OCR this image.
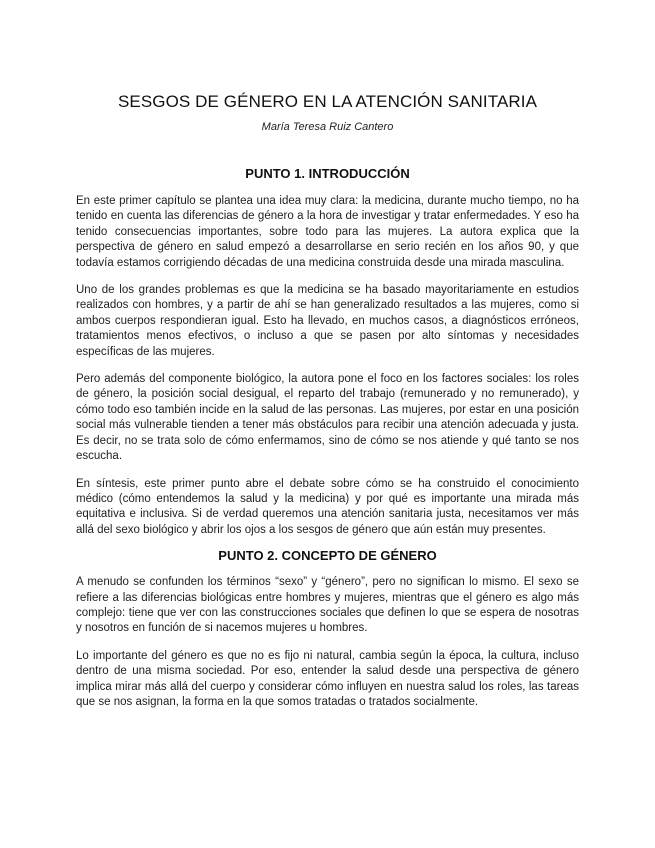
SESGOS DE GÉNERO EN LA ATENCIÓN SANITARIA
María Teresa Ruiz Cantero
PUNTO 1. INTRODUCCIÓN

En este primer capítulo se plantea una idea muy clara: la medicina, durante mucho tiempo, no ha tenido en cuenta las diferencias de género a la hora de investigar y tratar enfermedades. Y eso ha tenido consecuencias importantes, sobre todo para las mujeres. La autora explica que la perspectiva de género en salud empezó a desarrollarse en serio recién en los años 90, y que todavía estamos corrigiendo décadas de una medicina construida desde una mirada masculina.

Uno de los grandes problemas es que la medicina se ha basado mayoritariamente en estudios realizados con hombres, y a partir de ahí se han generalizado resultados a las mujeres, como si ambos cuerpos respondieran igual. Esto ha llevado, en muchos casos, a diagnósticos erróneos, tratamientos menos efectivos, o incluso a que se pasen por alto síntomas y necesidades específicas de las mujeres.

Pero además del componente biológico, la autora pone el foco en los factores sociales: los roles de género, la posición social desigual, el reparto del trabajo (remunerado y no remunerado), y cómo todo eso también incide en la salud de las personas. Las mujeres, por estar en una posición social más vulnerable tienden a tener más obstáculos para recibir una atención adecuada y justa. Es decir, no se trata solo de cómo enfermamos, sino de cómo se nos atiende y qué tanto se nos escucha.

En síntesis, este primer punto abre el debate sobre cómo se ha construido el conocimiento médico (cómo entendemos la salud y la medicina) y por qué es importante una mirada más equitativa e inclusiva. Si de verdad queremos una atención sanitaria justa, necesitamos ver más allá del sexo biológico y abrir los ojos a los sesgos de género que aún están muy presentes.

PUNTO 2. CONCEPTO DE GÉNERO

A menudo se confunden los términos “sexo” y “género”, pero no significan lo mismo. El sexo se refiere a las diferencias biológicas entre hombres y mujeres, mientras que el género es algo más complejo: tiene que ver con las construcciones sociales que definen lo que se espera de nosotras y nosotros en función de si nacemos mujeres u hombres.

Lo importante del género es que no es fijo ni natural, cambia según la época, la cultura, incluso dentro de una misma sociedad. Por eso, entender la salud desde una perspectiva de género implica mirar más allá del cuerpo y considerar cómo influyen en nuestra salud los roles, las tareas que se nos asignan, la forma en la que somos tratadas o tratados socialmente.
